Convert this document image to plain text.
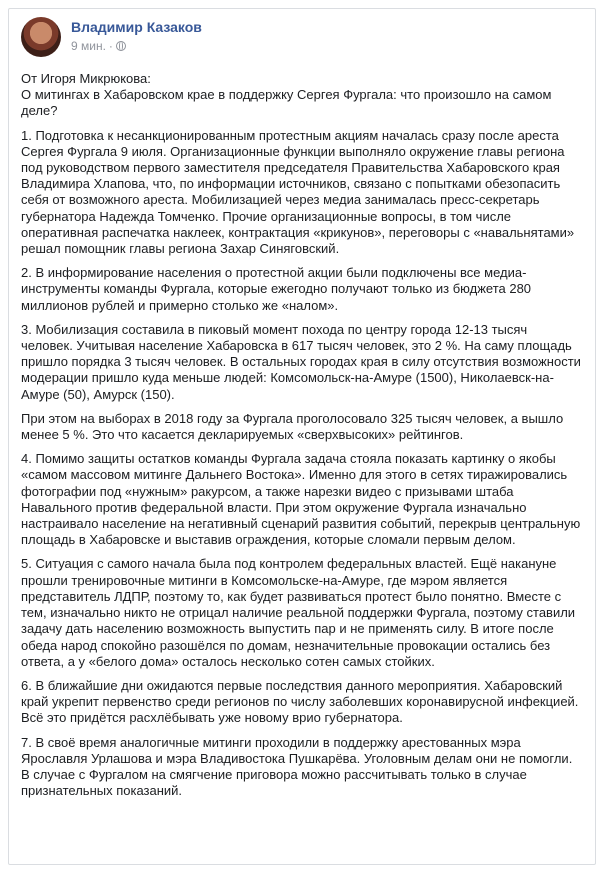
Владимир Казаков
9 мин. ·

От Игоря Микрюкова:
О митингах в Хабаровском крае в поддержку Сергея Фургала: что произошло на самом деле?

1. Подготовка к несанкционированным протестным акциям началась сразу после ареста Сергея Фургала 9 июля. Организационные функции выполняло окружение главы региона под руководством первого заместителя председателя Правительства Хабаровского края Владимира Хлапова, что, по информации источников, связано с попытками обезопасить себя от возможного ареста. Мобилизацией через медиа занималась пресс-секретарь губернатора Надежда Томченко. Прочие организационные вопросы, в том числе оперативная распечатка наклеек, контрактация «крикунов», переговоры с «навальнятами» решал помощник главы региона Захар Синяговский.

2. В информирование населения о протестной акции были подключены все медиа-инструменты команды Фургала, которые ежегодно получают только из бюджета 280 миллионов рублей и примерно столько же «налом».

3. Мобилизация составила в пиковый момент похода по центру города 12-13 тысяч человек. Учитывая население Хабаровска в 617 тысяч человек, это 2 %. На саму площадь пришло порядка 3 тысяч человек. В остальных городах края в силу отсутствия возможности модерации пришло куда меньше людей: Комсомольск-на-Амуре (1500), Николаевск-на-Амуре (50), Амурск (150).

При этом на выборах в 2018 году за Фургала проголосовало 325 тысяч человек, а вышло менее 5 %. Это что касается декларируемых «сверхвысоких» рейтингов.

4. Помимо защиты остатков команды Фургала задача стояла показать картинку о якобы «самом массовом митинге Дальнего Востока». Именно для этого в сетях тиражировались фотографии под «нужным» ракурсом, а также нарезки видео с призывами штаба Навального против федеральной власти. При этом окружение Фургала изначально настраивало население на негативный сценарий развития событий, перекрыв центральную площадь в Хабаровске и выставив ограждения, которые сломали первым делом.

5. Ситуация с самого начала была под контролем федеральных властей. Ещё накануне прошли тренировочные митинги в Комсомольске-на-Амуре, где мэром является представитель ЛДПР, поэтому то, как будет развиваться протест было понятно. Вместе с тем, изначально никто не отрицал наличие реальной поддержки Фургала, поэтому ставили задачу дать населению возможность выпустить пар и не применять силу. В итоге после обеда народ спокойно разошёлся по домам, незначительные провокации остались без ответа, а у «белого дома» осталось несколько сотен самых стойких.

6. В ближайшие дни ожидаются первые последствия данного мероприятия. Хабаровский край укрепит первенство среди регионов по числу заболевших коронавирусной инфекцией. Всё это придётся расхлёбывать уже новому врио губернатора.

7. В своё время аналогичные митинги проходили в поддержку арестованных мэра Ярославля Урлашова и мэра Владивостока Пушкарёва. Уголовным делам они не помогли. В случае с Фургалом на смягчение приговора можно рассчитывать только в случае признательных показаний.
